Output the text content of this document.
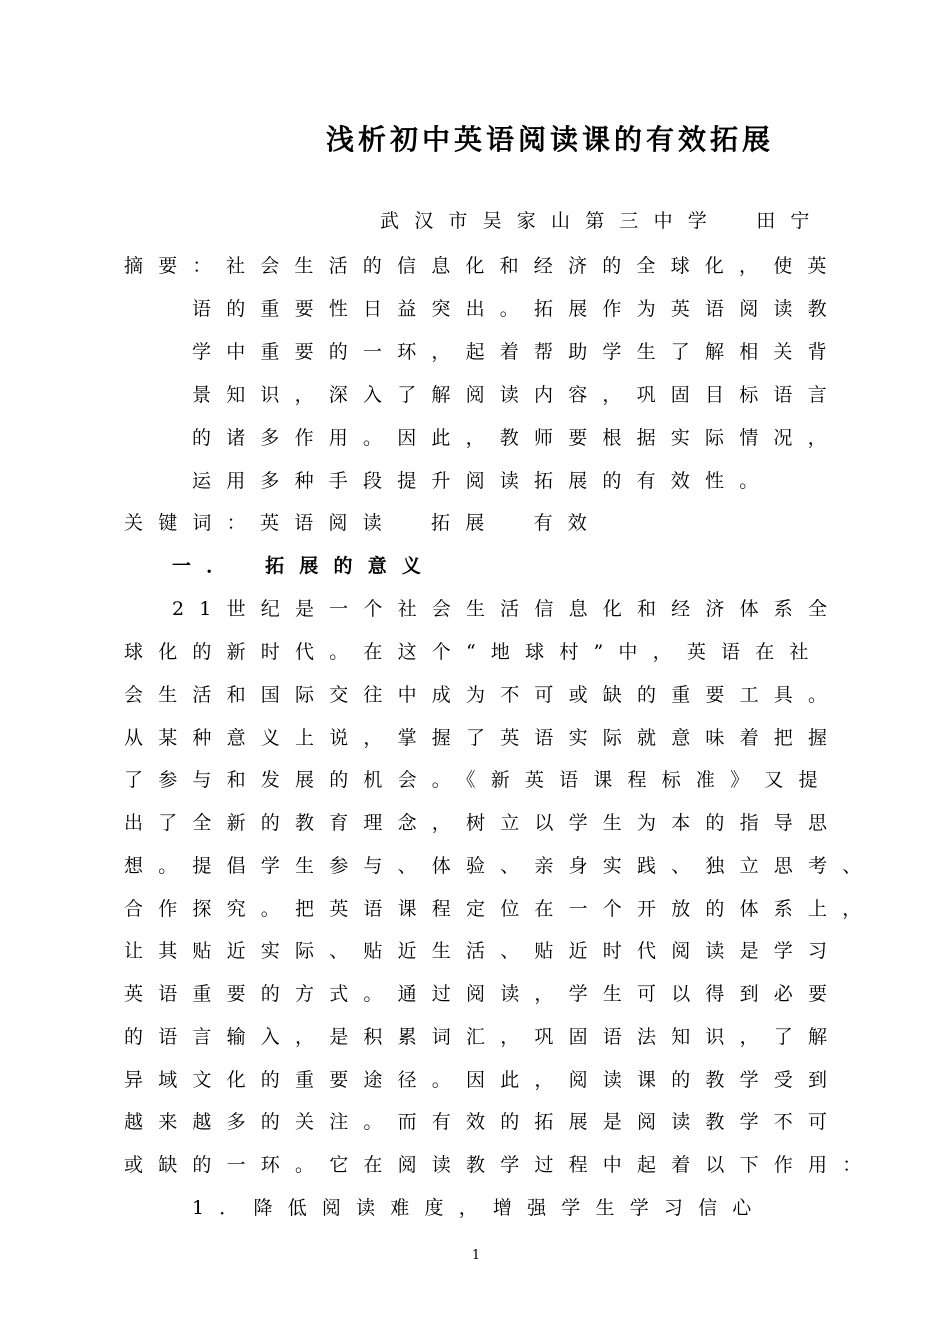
浅析初中英语阅读课的有效拓展
武汉市吴家山第三中学　田宁
摘要： 社会生活的信息化和经济的全球化，使英
语的重要性日益突出。拓展作为英语阅读教
学中重要的一环，起着帮助学生了解相关背
景知识，深入了解阅读内容，巩固目标语言
的诸多作用。因此，教师要根据实际情况，
运用多种手段提升阅读拓展的有效性。
关键词： 英语阅读　拓展　有效
一．　拓展的意义
21世纪是一个社会生活信息化和经济体系全
球化的新时代。在这个“地球村”中，英语在社
会生活和国际交往中成为不可或缺的重要工具。
从某种意义上说，掌握了英语实际就意味着把握
了参与和发展的机会。《新英语课程标准》又提
出了全新的教育理念，树立以学生为本的指导思
想。提倡学生参与、体验、亲身实践、独立思考、
合作探究。把英语课程定位在一个开放的体系上，
让其贴近实际、贴近生活、贴近时代阅读是学习
英语重要的方式。通过阅读，学生可以得到必要
的语言输入，是积累词汇，巩固语法知识，了解
异域文化的重要途径。因此，阅读课的教学受到
越来越多的关注。而有效的拓展是阅读教学不可
或缺的一环。它在阅读教学过程中起着以下作用：
1．降低阅读难度，增强学生学习信心
1
